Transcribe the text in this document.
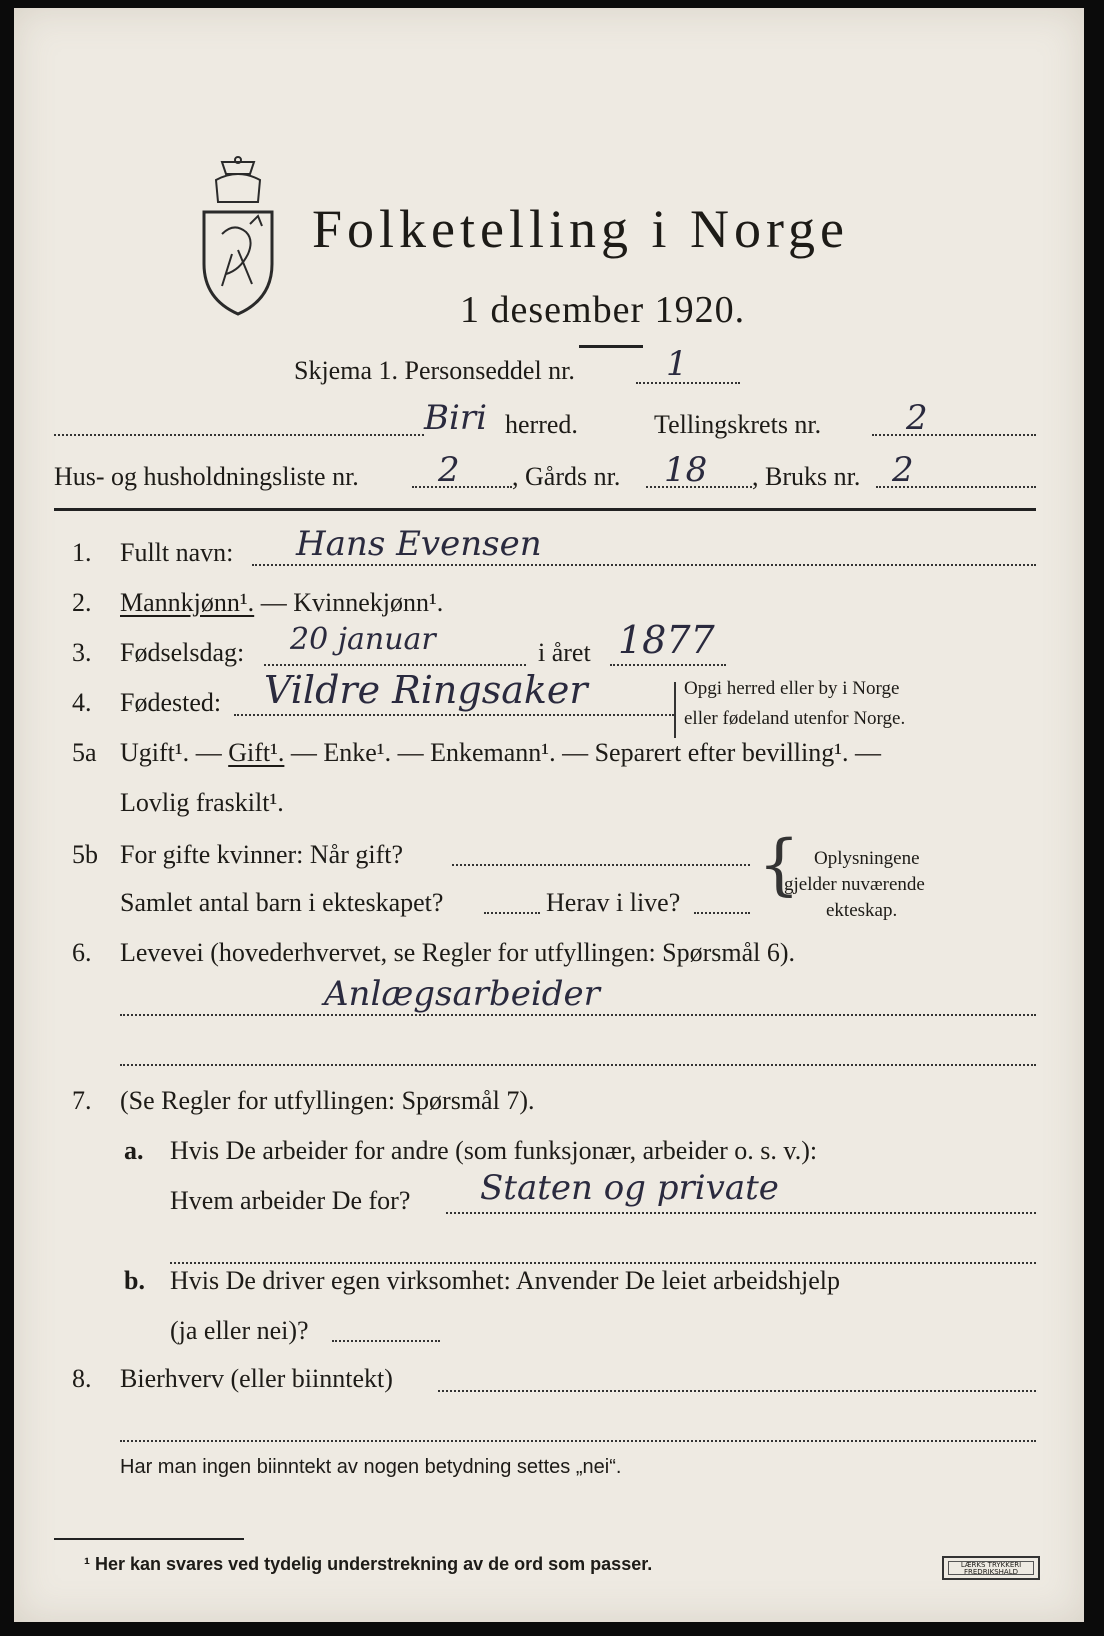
Folketelling i Norge
1 desember 1920.
Skjema 1. Personseddel nr.	1
Biri herred.	Tellingskrets nr. 2
Hus- og husholdningsliste nr. 2 , Gårds nr. 18 , Bruks nr. 2
1. Fullt navn: Hans Evensen
2. Mannkjønn¹. — Kvinnekjønn¹.
3. Fødselsdag: 20 januar	i året 1877
4. Fødested: Vildre Ringsaker	Opgi herred eller by i Norge
eller fødeland utenfor Norge.
5a Ugift¹. — Gift¹. — Enke¹. — Enkemann¹. — Separert efter bevilling¹. —
Lovlig fraskilt¹.
5b For gifte kvinner: Når gift?
Samlet antal barn i ekteskapet?	Herav i live? { Oplysningene
gjelder nuværende
ekteskap.
6. Levevei (hovederhvervet, se Regler for utfyllingen: Spørsmål 6).
Anlægsarbeider
7. (Se Regler for utfyllingen: Spørsmål 7).
a. Hvis De arbeider for andre (som funksjonær, arbeider o. s. v.):
Hvem arbeider De for? Staten og private
b. Hvis De driver egen virksomhet: Anvender De leiet arbeidshjelp
(ja eller nei)?
8. Bierhverv (eller biinntekt)
Har man ingen biinntekt av nogen betydning settes „nei“.
¹ Her kan svares ved tydelig understrekning av de ord som passer.	LÆRKS TRYKKERI FREDRIKSHALD
